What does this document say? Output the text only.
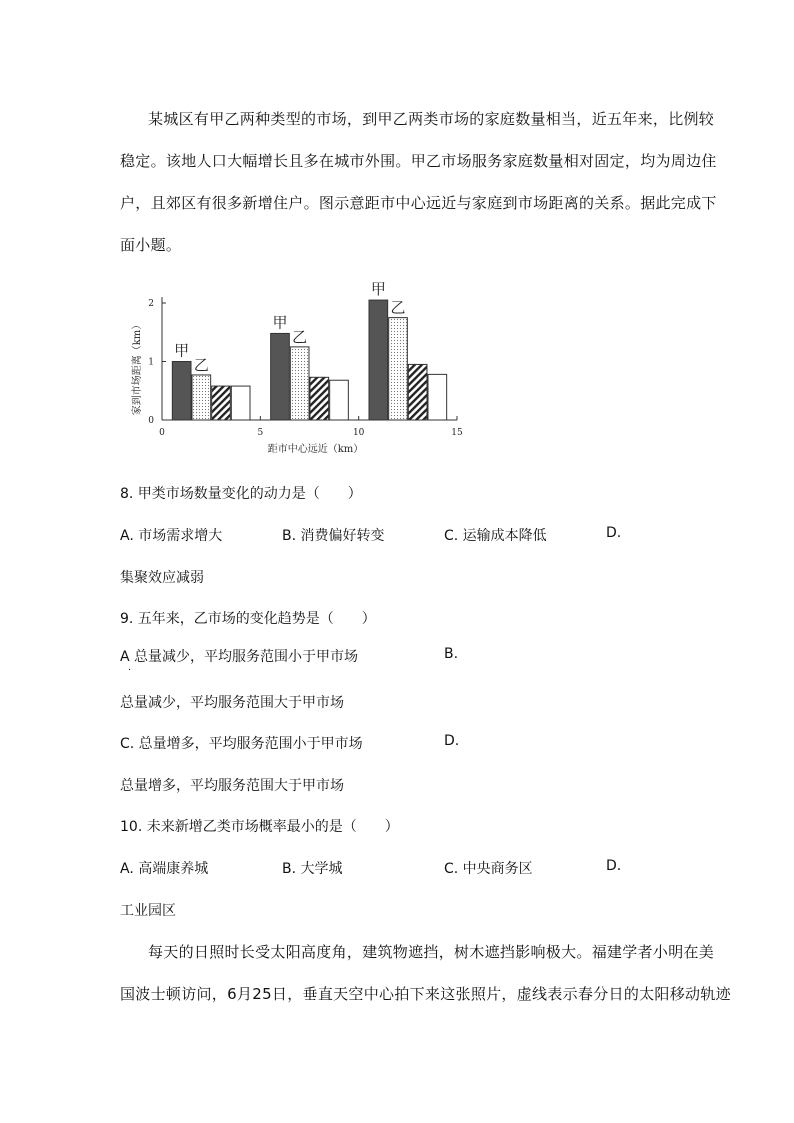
某城区有甲乙两种类型的市场，到甲乙两类市场的家庭数量相当，近五年来，比例较
稳定。该地人口大幅增长且多在城市外围。甲乙市场服务家庭数量相对固定，均为周边住
户，且郊区有很多新增住户。图示意距市中心远近与家庭到市场距离的关系。据此完成下
面小题。
0	5	10	15
0
1
2
距市中心远近（km）
家到市场距离（km） 甲
乙
甲
乙
甲
乙
8. 甲类市场数量变化的动力是（　　）
A. 市场需求增大	B. 消费偏好转变	C. 运输成本降低	D.
集聚效应减弱
9. 五年来，乙市场的变化趋势是（　　）
A 总量减少，平均服务范围小于甲市场
·
B.
总量减少，平均服务范围大于甲市场
C. 总量增多，平均服务范围小于甲市场	D.
总量增多，平均服务范围大于甲市场
10. 未来新增乙类市场概率最小的是（　　）
A. 高端康养城	B. 大学城	C. 中央商务区	D.
工业园区
每天的日照时长受太阳高度角，建筑物遮挡，树木遮挡影响极大。福建学者小明在美
国波士顿访问，6月25日，垂直天空中心拍下来这张照片，虚线表示春分日的太阳移动轨迹
